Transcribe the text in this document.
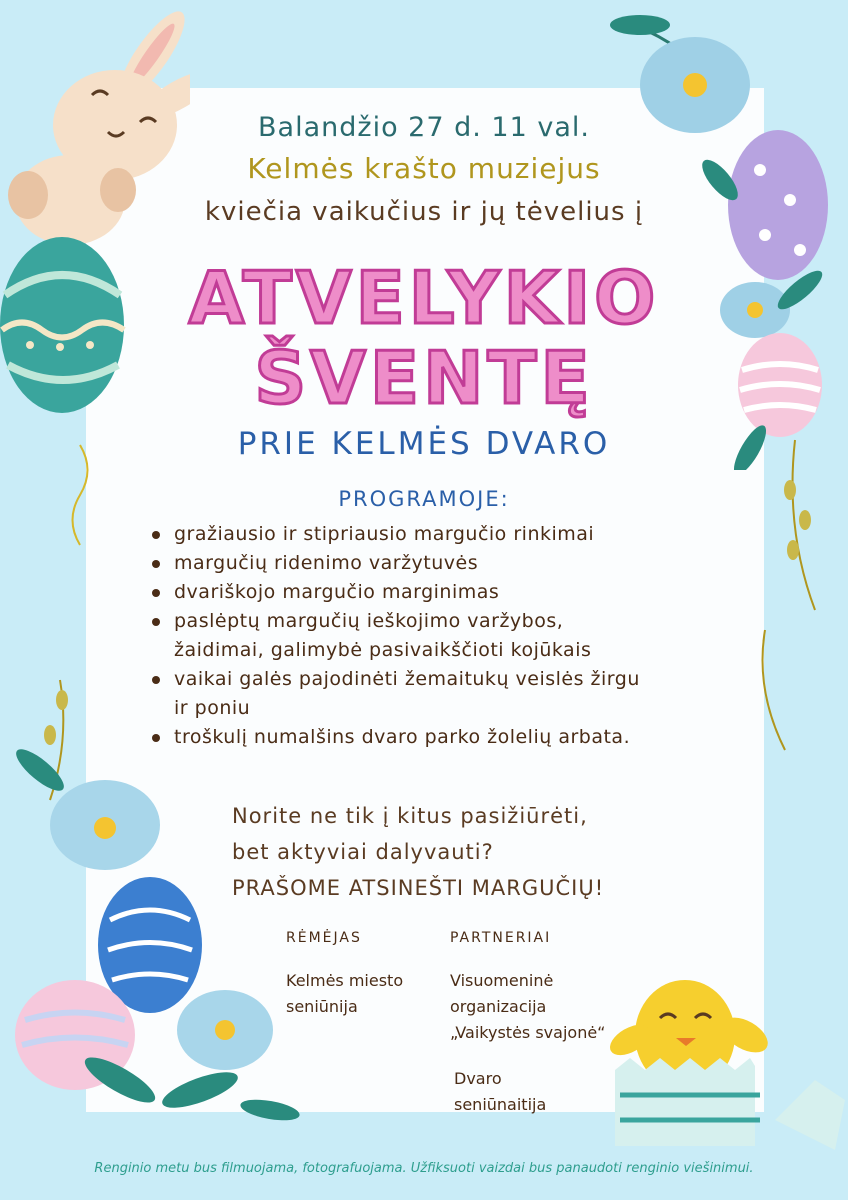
Balandžio 27 d. 11 val.
Kelmės krašto muziejus
kviečia vaikučius ir jų tėvelius į
ATVELYKIO
ŠVENTĘ
PRIE KELMĖS DVARO
PROGRAMOJE:
gražiausio ir stipriausio margučio rinkimai
margučių ridenimo varžytuvės
dvariškojo margučio marginimas
paslėptų margučių ieškojimo varžybos,
žaidimai, galimybė pasivaikščioti kojūkais
vaikai galės pajodinėti žemaitukų veislės žirgu
ir poniu
troškulį numalšins dvaro parko žolelių arbata.
Norite ne tik į kitus pasižiūrėti,
bet aktyviai dalyvauti?
PRAŠOME ATSINEŠTI MARGUČIŲ!
RĖMĖJAS
Kelmės miesto
seniūnija
PARTNERIAI
Visuomeninė
organizacija
„Vaikystės svajonė“
Dvaro
seniūnaitija
Renginio metu bus filmuojama, fotografuojama. Užfiksuoti vaizdai bus panaudoti renginio viešinimui.
